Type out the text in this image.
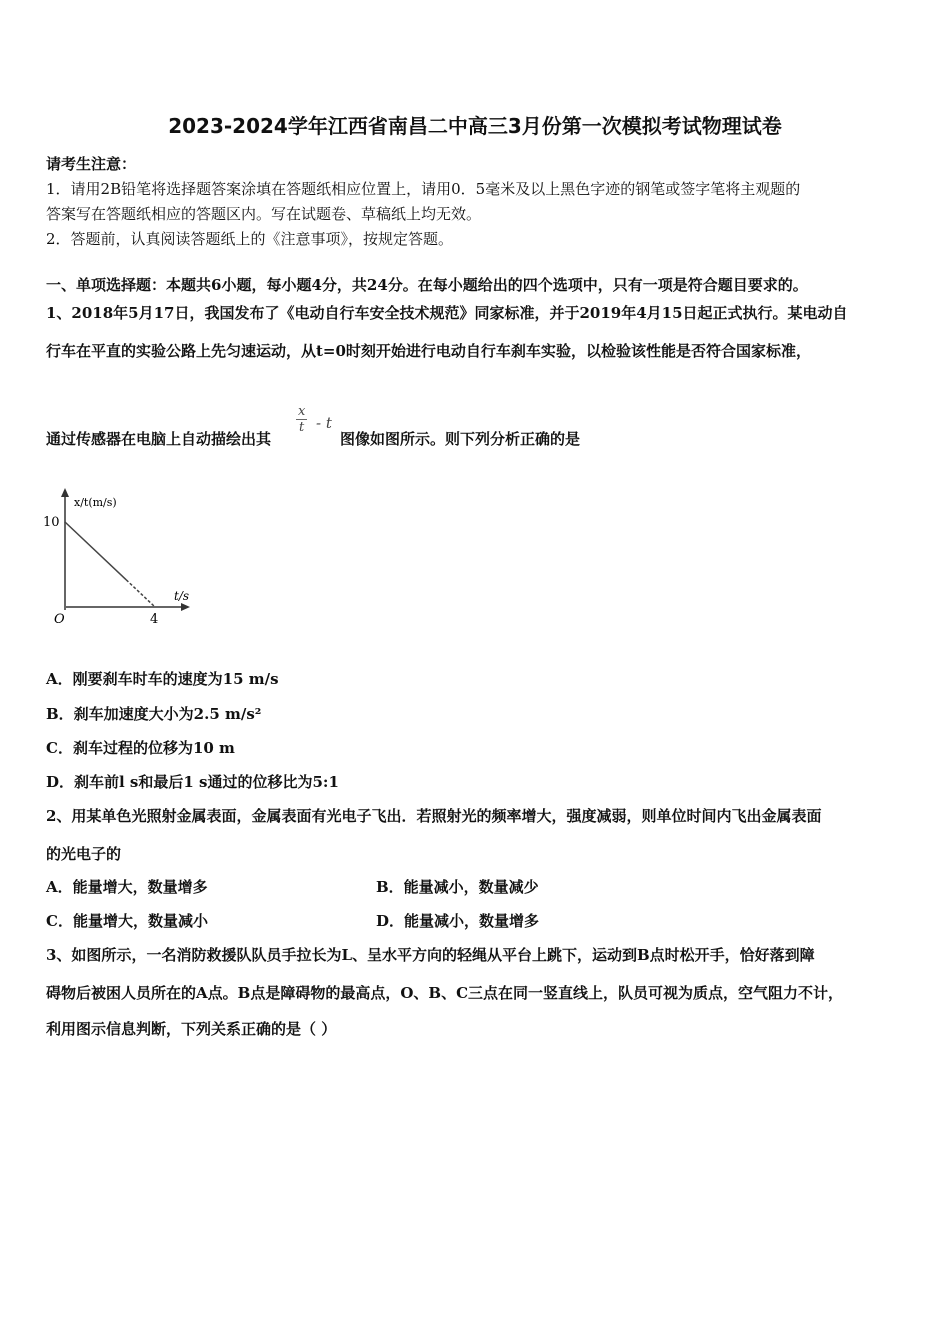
2023-2024学年江西省南昌二中高三3月份第一次模拟考试物理试卷
请考生注意：
1．请用2B铅笔将选择题答案涂填在答题纸相应位置上，请用0．5毫米及以上黑色字迹的钢笔或签字笔将主观题的
答案写在答题纸相应的答题区内。写在试题卷、草稿纸上均无效。
2．答题前，认真阅读答题纸上的《注意事项》，按规定答题。
一、单项选择题：本题共6小题，每小题4分，共24分。在每小题给出的四个选项中，只有一项是符合题目要求的。
1、2018年5月17日，我国发布了《电动自行车安全技术规范》同家标准，并于2019年4月15日起正式执行。某电动自
行车在平直的实验公路上先匀速运动，从t=0时刻开始进行电动自行车刹车实验，以检验该性能是否符合国家标准，
通过传感器在电脑上自动描绘出其
$\frac{x}{t}$ - t
图像如图所示。则下列分析正确的是
10
4
O
t/s
x/t(m/s)
A．刚要刹车时车的速度为15 m/s
B．刹车加速度大小为2.5 m/s²
C．刹车过程的位移为10 m
D．刹车前l s和最后1 s通过的位移比为5:1
2、用某单色光照射金属表面，金属表面有光电子飞出．若照射光的频率增大，强度减弱，则单位时间内飞出金属表面
的光电子的
A．能量增大，数量增多	B．能量减小，数量减少
C．能量增大，数量减小	D．能量减小，数量增多
3、如图所示，一名消防救援队队员手拉长为L、呈水平方向的轻绳从平台上跳下，运动到B点时松开手，恰好落到障
碍物后被困人员所在的A点。B点是障碍物的最高点，O、B、C三点在同一竖直线上，队员可视为质点，空气阻力不计，
利用图示信息判断，下列关系正确的是（ ）
